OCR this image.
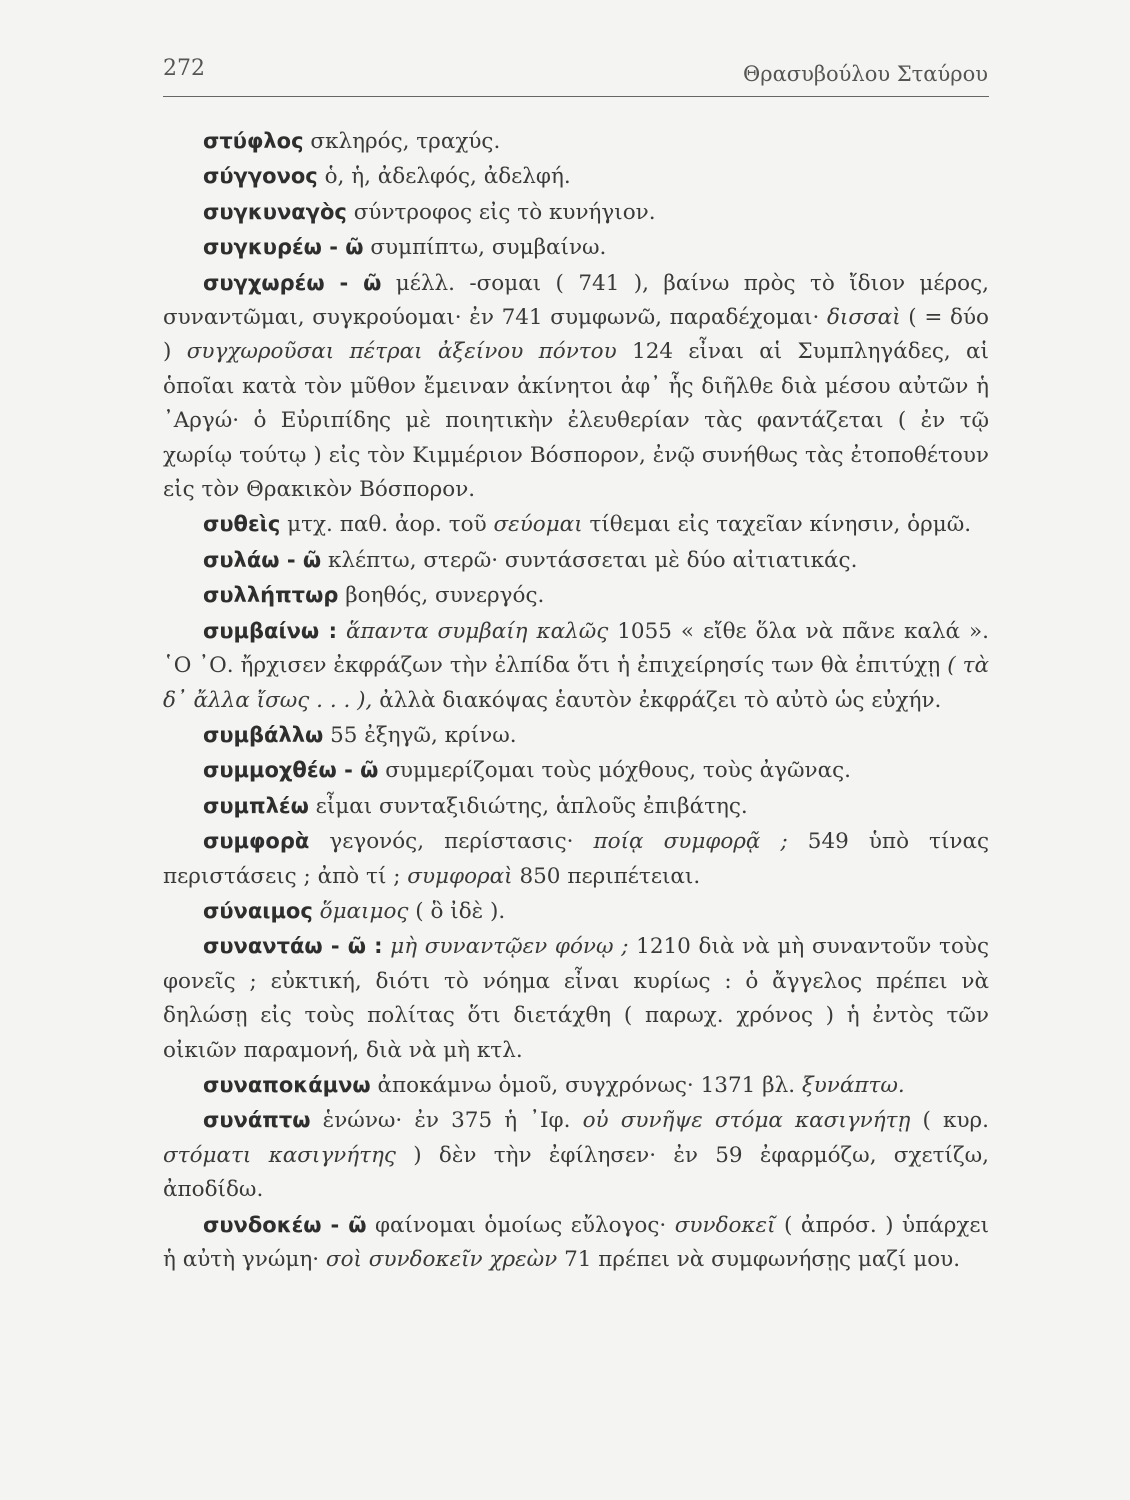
272	Θρασυβούλου Σταύρου

στύφλος σκληρός, τραχύς.

σύγγονος ὁ, ἡ, ἀδελφός, ἀδελφή.

συγκυναγὸς σύντροφος εἰς τὸ κυνήγιον.

συγκυρέω - ῶ συμπίπτω, συμβαίνω.

συγχωρέω - ῶ μέλλ. -σομαι ( 741 ), βαίνω πρὸς τὸ ἴδιον μέρος, συναντῶμαι, συγκρούομαι· ἐν 741 συμφωνῶ, παραδέχομαι· δισσαὶ ( = δύο ) συγχωροῦσαι πέτραι ἀξείνου πόντου 124 εἶναι αἱ Συμπληγάδες, αἱ ὁποῖαι κατὰ τὸν μῦθον ἔμειναν ἀκίνητοι ἀφ᾿ ἧς διῆλθε διὰ μέσου αὐτῶν ἡ ᾿Αργώ· ὁ Εὐριπίδης μὲ ποιητικὴν ἐλευθερίαν τὰς φαντάζεται ( ἐν τῷ χωρίῳ τούτῳ ) εἰς τὸν Κιμμέριον Βόσπορον, ἐνῷ συνήθως τὰς ἐτοποθέτουν εἰς τὸν Θρακικὸν Βόσπορον.

συθεὶς μτχ. παθ. ἀορ. τοῦ σεύομαι τίθεμαι εἰς ταχεῖαν κίνησιν, ὁρμῶ.

συλάω - ῶ κλέπτω, στερῶ· συντάσσεται μὲ δύο αἰτιατικάς.

συλλήπτωρ βοηθός, συνεργός.

συμβαίνω : ἅπαντα συμβαίη καλῶς 1055 « εἴθε ὅλα νὰ πᾶνε καλά ». ῾Ο ᾿Ο. ἤρχισεν ἐκφράζων τὴν ἐλπίδα ὅτι ἡ ἐπιχείρησίς των θὰ ἐπιτύχῃ ( τὰ δ᾿ ἄλλα ἴσως . . . ), ἀλλὰ διακόψας ἑαυτὸν ἐκφράζει τὸ αὐτὸ ὡς εὐχήν.

συμβάλλω 55 ἐξηγῶ, κρίνω.

συμμοχθέω - ῶ συμμερίζομαι τοὺς μόχθους, τοὺς ἀγῶνας.

συμπλέω εἶμαι συνταξιδιώτης, ἁπλοῦς ἐπιβάτης.

συμφορὰ γεγονός, περίστασις· ποίᾳ συμφορᾷ ; 549 ὑπὸ τίνας περιστάσεις ; ἀπὸ τί ; συμφοραὶ 850 περιπέτειαι.

σύναιμος ὅμαιμος ( ὃ ἰδὲ ).

συναντάω - ῶ : μὴ συναντῷεν φόνῳ ; 1210 διὰ νὰ μὴ συναντοῦν τοὺς φονεῖς ; εὐκτική, διότι τὸ νόημα εἶναι κυρίως : ὁ ἄγγελος πρέπει νὰ δηλώσῃ εἰς τοὺς πολίτας ὅτι διετάχθη ( παρωχ. χρόνος ) ἡ ἐντὸς τῶν οἰκιῶν παραμονή, διὰ νὰ μὴ κτλ.

συναποκάμνω ἀποκάμνω ὁμοῦ, συγχρόνως· 1371 βλ. ξυνάπτω.

συνάπτω ἑνώνω· ἐν 375 ἡ ᾿Ιφ. οὐ συνῆψε στόμα κασιγνήτῃ ( κυρ. στόματι κασιγνήτης ) δὲν τὴν ἐφίλησεν· ἐν 59 ἐφαρμόζω, σχετίζω, ἀποδίδω.

συνδοκέω - ῶ φαίνομαι ὁμοίως εὔλογος· συνδοκεῖ ( ἀπρόσ. ) ὑπάρχει ἡ αὐτὴ γνώμη· σοὶ συνδοκεῖν χρεὼν 71 πρέπει νὰ συμφωνήσῃς μαζί μου.
